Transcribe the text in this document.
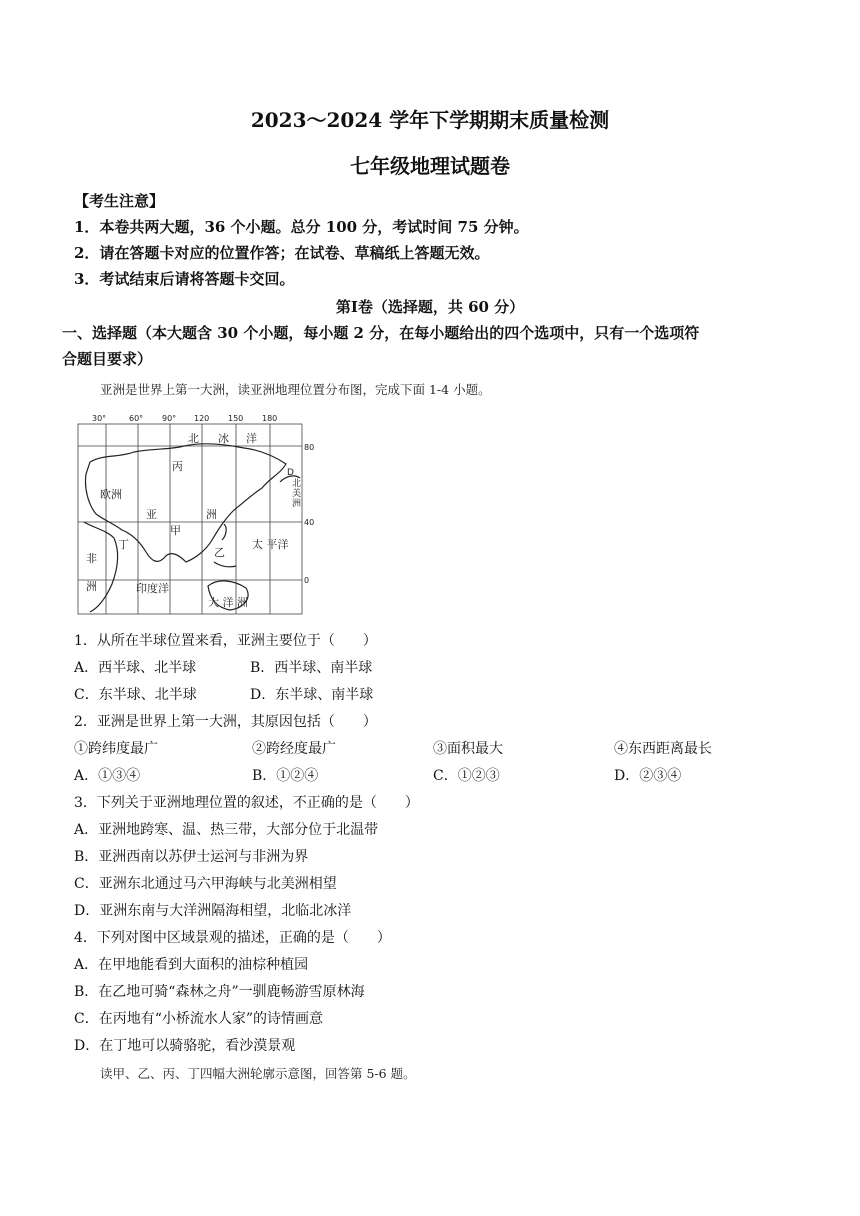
2023～2024 学年下学期期末质量检测
七年级地理试题卷
【考生注意】
1．本卷共两大题，36 个小题。总分 100 分，考试时间 75 分钟。
2．请在答题卡对应的位置作答；在试卷、草稿纸上答题无效。
3．考试结束后请将答题卡交回。
第Ⅰ卷（选择题，共 60 分）
一、选择题（本大题含 30 个小题，每小题 2 分，在每小题给出的四个选项中，只有一个选项符
合题目要求）
亚洲是世界上第一大洲，读亚洲地理位置分布图，完成下面 1-4 小题。
30°	60° 90° 120 150 180
80
40
0
北 冰 洋
丙
欧洲
亚	洲
甲
乙
丁
非
洲
太 平洋
印度洋
大 洋 洲
D
北
美
洲
1．从所在半球位置来看，亚洲主要位于（　　）
A．西半球、北半球	B．西半球、南半球
C．东半球、北半球	D．东半球、南半球
2．亚洲是世界上第一大洲，其原因包括（　　）
①跨纬度最广	②跨经度最广	③面积最大	④东西距离最长
A．①③④	B．①②④	C．①②③	D．②③④
3．下列关于亚洲地理位置的叙述，不正确的是（　　）
A．亚洲地跨寒、温、热三带，大部分位于北温带
B．亚洲西南以苏伊士运河与非洲为界
C．亚洲东北通过马六甲海峡与北美洲相望
D．亚洲东南与大洋洲隔海相望，北临北冰洋
4．下列对图中区域景观的描述，正确的是（　　）
A．在甲地能看到大面积的油棕种植园
B．在乙地可骑“森林之舟”一驯鹿畅游雪原林海
C．在丙地有“小桥流水人家”的诗情画意
D．在丁地可以骑骆驼，看沙漠景观
读甲、乙、丙、丁四幅大洲轮廓示意图，回答第 5-6 题。
